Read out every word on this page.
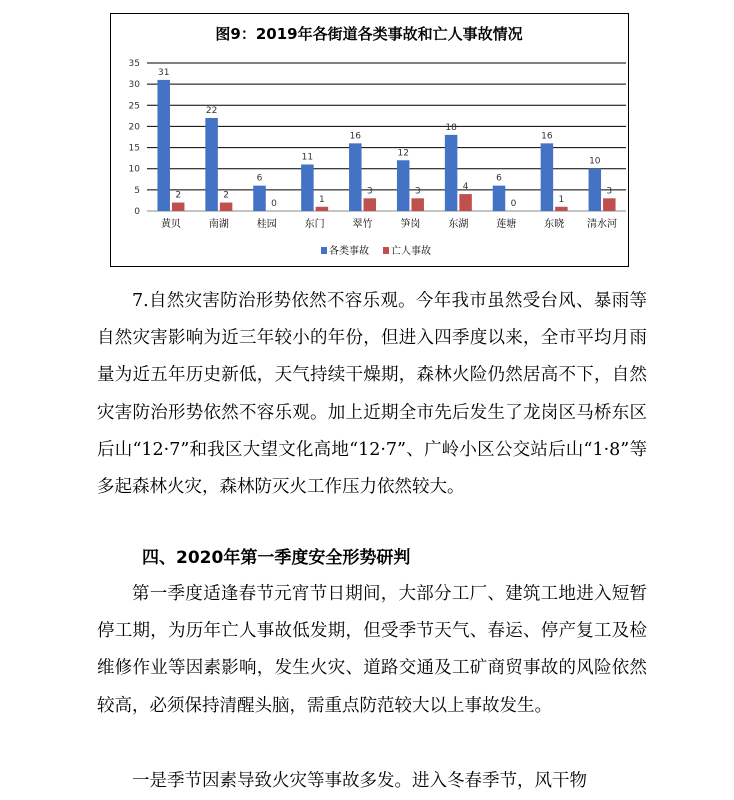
图9：2019年各街道各类事故和亡人事故情况
0
5
10
15
20
25
30
35
31
2
黄贝
22
2
南湖
6
0
桂园
11
1
东门
16
3
翠竹
12
3
笋岗
18
4
东湖
6
0
莲塘
16
1
东晓
10
3
清水河
各类事故 亡人事故

7.自然灾害防治形势依然不容乐观。今年我市虽然受台风、暴雨等自然灾害影响为近三年较小的年份，但进入四季度以来，全市平均月雨量为近五年历史新低，天气持续干燥期，森林火险仍然居高不下，自然灾害防治形势依然不容乐观。加上近期全市先后发生了龙岗区马桥东区后山“12·7”和我区大望文化高地“12·7”、广岭小区公交站后山“1·8”等多起森林火灾，森林防灭火工作压力依然较大。

四、2020年第一季度安全形势研判

第一季度适逢春节元宵节日期间，大部分工厂、建筑工地进入短暂停工期，为历年亡人事故低发期，但受季节天气、春运、停产复工及检维修作业等因素影响，发生火灾、道路交通及工矿商贸事故的风险依然较高，必须保持清醒头脑，需重点防范较大以上事故发生。

一是季节因素导致火灾等事故多发。进入冬春季节，风干物
